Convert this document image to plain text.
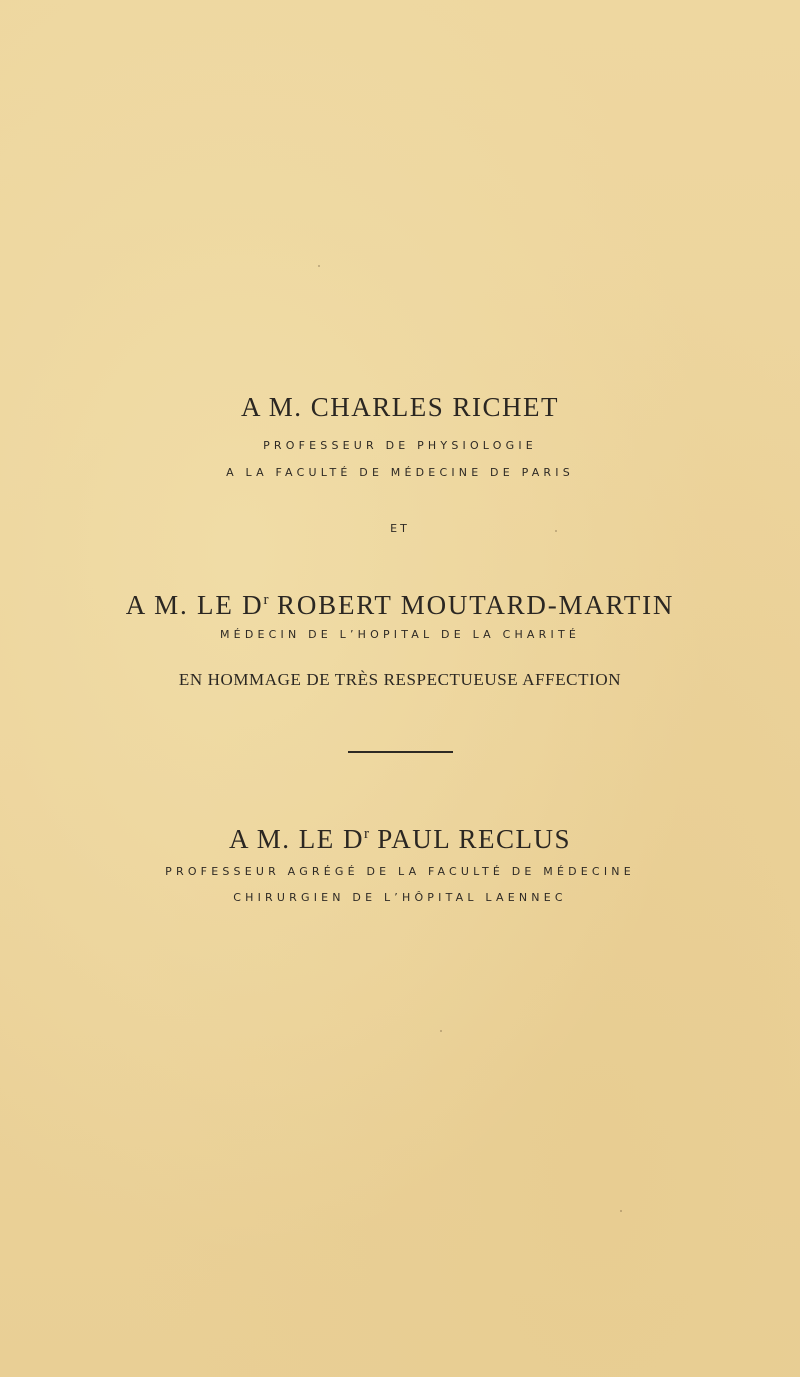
A M. CHARLES RICHET
PROFESSEUR DE PHYSIOLOGIE
A LA FACULTÉ DE MÉDECINE DE PARIS
ET
A M. LE $D^r$ ROBERT MOUTARD-MARTIN
MÉDECIN DE L’HOPITAL DE LA CHARITÉ
EN HOMMAGE DE TRÈS RESPECTUEUSE AFFECTION
A M. LE $D^r$ PAUL RECLUS
PROFESSEUR AGRÉGÉ DE LA FACULTÉ DE MÉDECINE
CHIRURGIEN DE L’HÔPITAL LAENNEC
